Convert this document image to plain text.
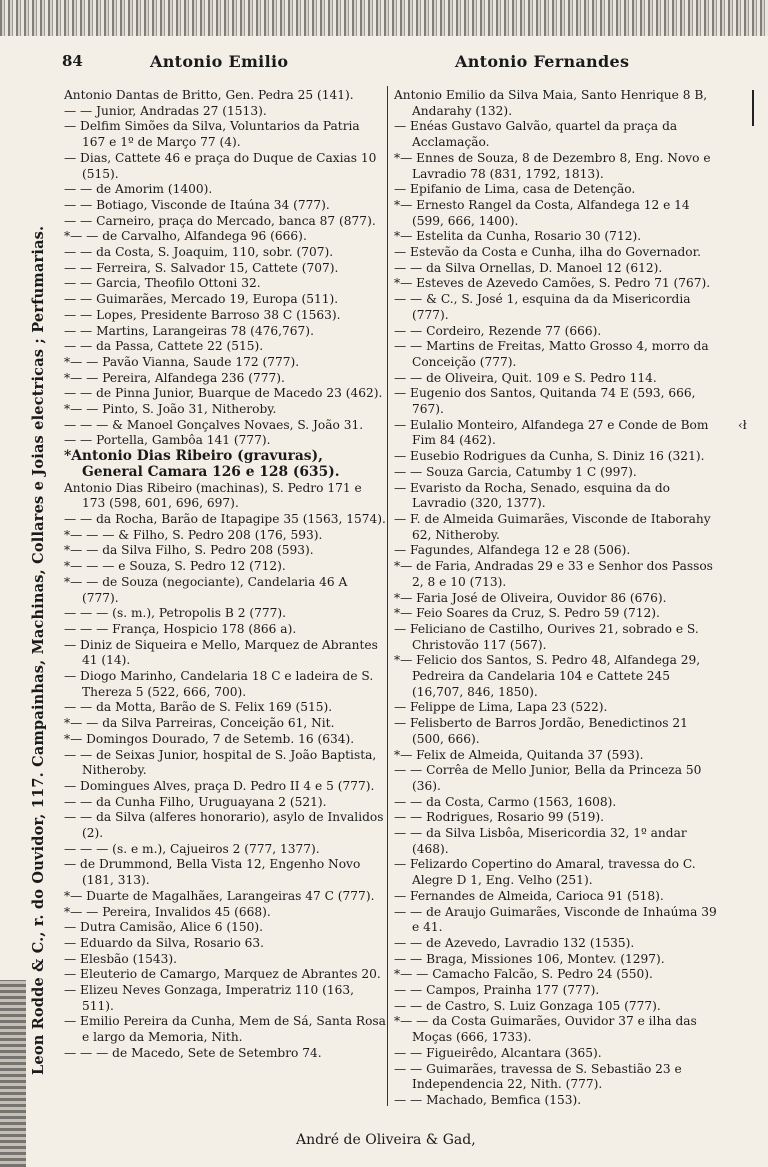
84	Antonio Emilio	Antonio Fernandes
Leon Rodde & C., r. do Ouvidor, 117. Campainhas, Machinas, Collares e Joias electricas ; Perfumarias.

Antonio Dantas de Britto, Gen. Pedra 25 (141).

— — Junior, Andradas 27 (1513).

— Delfim Simões da Silva, Voluntarios da Patria 167 e 1º de Março 77 (4).

— Dias, Cattete 46 e praça do Duque de Caxias 10 (515).

— — de Amorim (1400).

— — Botiago, Visconde de Itaúna 34 (777).

— — Carneiro, praça do Mercado, banca 87 (877).

*— — de Carvalho, Alfandega 96 (666).

— — da Costa, S. Joaquim, 110, sobr. (707).

— — Ferreira, S. Salvador 15, Cattete (707).

— — Garcia, Theofilo Ottoni 32.

— — Guimarães, Mercado 19, Europa (511).

— — Lopes, Presidente Barroso 38 C (1563).

— — Martins, Larangeiras 78 (476,767).

— — da Passa, Cattete 22 (515).

*— — Pavão Vianna, Saude 172 (777).

*— — Pereira, Alfandega 236 (777).

— — de Pinna Junior, Buarque de Macedo 23 (462).

*— — Pinto, S. João 31, Nitheroby.

— — — & Manoel Gonçalves Novaes, S. João 31.

— — Portella, Gambôa 141 (777).

*Antonio Dias Ribeiro (gravuras), General Camara 126 e 128 (635).

Antonio Dias Ribeiro (machinas), S. Pedro 171 e 173 (598, 601, 696, 697).

— — da Rocha, Barão de Itapagipe 35 (1563, 1574).

*— — — & Filho, S. Pedro 208 (176, 593).

*— — da Silva Filho, S. Pedro 208 (593).

*— — — e Souza, S. Pedro 12 (712).

*— — de Souza (negociante), Candelaria 46 A (777).

— — — (s. m.), Petropolis B 2 (777).

— — — França, Hospicio 178 (866 a).

— Diniz de Siqueira e Mello, Marquez de Abrantes 41 (14).

— Diogo Marinho, Candelaria 18 C e ladeira de S. Thereza 5 (522, 666, 700).

— — da Motta, Barão de S. Felix 169 (515).

*— — da Silva Parreiras, Conceição 61, Nit.

*— Domingos Dourado, 7 de Setemb. 16 (634).

— — de Seixas Junior, hospital de S. João Baptista, Nitheroby.

— Domingues Alves, praça D. Pedro II 4 e 5 (777).

— — da Cunha Filho, Uruguayana 2 (521).

— — da Silva (alferes honorario), asylo de Invalidos (2).

— — — (s. e m.), Cajueiros 2 (777, 1377).

— de Drummond, Bella Vista 12, Engenho Novo (181, 313).

*— Duarte de Magalhães, Larangeiras 47 C (777).

*— — Pereira, Invalidos 45 (668).

— Dutra Camisão, Alice 6 (150).

— Eduardo da Silva, Rosario 63.

— Elesbão (1543).

— Eleuterio de Camargo, Marquez de Abrantes 20.

— Elizeu Neves Gonzaga, Imperatriz 110 (163, 511).

— Emilio Pereira da Cunha, Mem de Sá, Santa Rosa e largo da Memoria, Nith.

— — — de Macedo, Sete de Setembro 74.

Antonio Emilio da Silva Maia, Santo Henrique 8 B, Andarahy (132).

— Enéas Gustavo Galvão, quartel da praça da Acclamação.

*— Ennes de Souza, 8 de Dezembro 8, Eng. Novo e Lavradio 78 (831, 1792, 1813).

— Epifanio de Lima, casa de Detenção.

*— Ernesto Rangel da Costa, Alfandega 12 e 14 (599, 666, 1400).

*— Estelita da Cunha, Rosario 30 (712).

— Estevão da Costa e Cunha, ilha do Governador.

— — da Silva Ornellas, D. Manoel 12 (612).

*— Esteves de Azevedo Camões, S. Pedro 71 (767).

— — & C., S. José 1, esquina da da Misericordia (777).

— — Cordeiro, Rezende 77 (666).

— — Martins de Freitas, Matto Grosso 4, morro da Conceição (777).

— — de Oliveira, Quit. 109 e S. Pedro 114.

— Eugenio dos Santos, Quitanda 74 E (593, 666, 767).

— Eulalio Monteiro, Alfandega 27 e Conde de Bom Fim 84 (462).

— Eusebio Rodrigues da Cunha, S. Diniz 16 (321).

— — Souza Garcia, Catumby 1 C (997).

— Evaristo da Rocha, Senado, esquina da do Lavradio (320, 1377).

— F. de Almeida Guimarães, Visconde de Itaborahy 62, Nitheroby.

— Fagundes, Alfandega 12 e 28 (506).

*— de Faria, Andradas 29 e 33 e Senhor dos Passos 2, 8 e 10 (713).

*— Faria José de Oliveira, Ouvidor 86 (676).

*— Feio Soares da Cruz, S. Pedro 59 (712).

— Feliciano de Castilho, Ourives 21, sobrado e S. Christovão 117 (567).

*— Felicio dos Santos, S. Pedro 48, Alfandega 29, Pedreira da Candelaria 104 e Cattete 245 (16,707, 846, 1850).

— Felippe de Lima, Lapa 23 (522).

— Felisberto de Barros Jordão, Benedictinos 21 (500, 666).

*— Felix de Almeida, Quitanda 37 (593).

— — Corrêa de Mello Junior, Bella da Princeza 50 (36).

— — da Costa, Carmo (1563, 1608).

— — Rodrigues, Rosario 99 (519).

— — da Silva Lisbôa, Misericordia 32, 1º andar (468).

— Felizardo Copertino do Amaral, travessa do C. Alegre D 1, Eng. Velho (251).

— Fernandes de Almeida, Carioca 91 (518).

— — de Araujo Guimarães, Visconde de Inhaúma 39 e 41.

— — de Azevedo, Lavradio 132 (1535).

— — Braga, Missiones 106, Montev. (1297).

*— — Camacho Falcão, S. Pedro 24 (550).

— — Campos, Prainha 177 (777).

— — de Castro, S. Luiz Gonzaga 105 (777).

*— — da Costa Guimarães, Ouvidor 37 e ilha das Moças (666, 1733).

— — Figueirêdo, Alcantara (365).

— — Guimarães, travessa de S. Sebastião 23 e Independencia 22, Nith. (777).

— — Machado, Bemfica (153).

‹ł
André de Oliveira & Gad,
